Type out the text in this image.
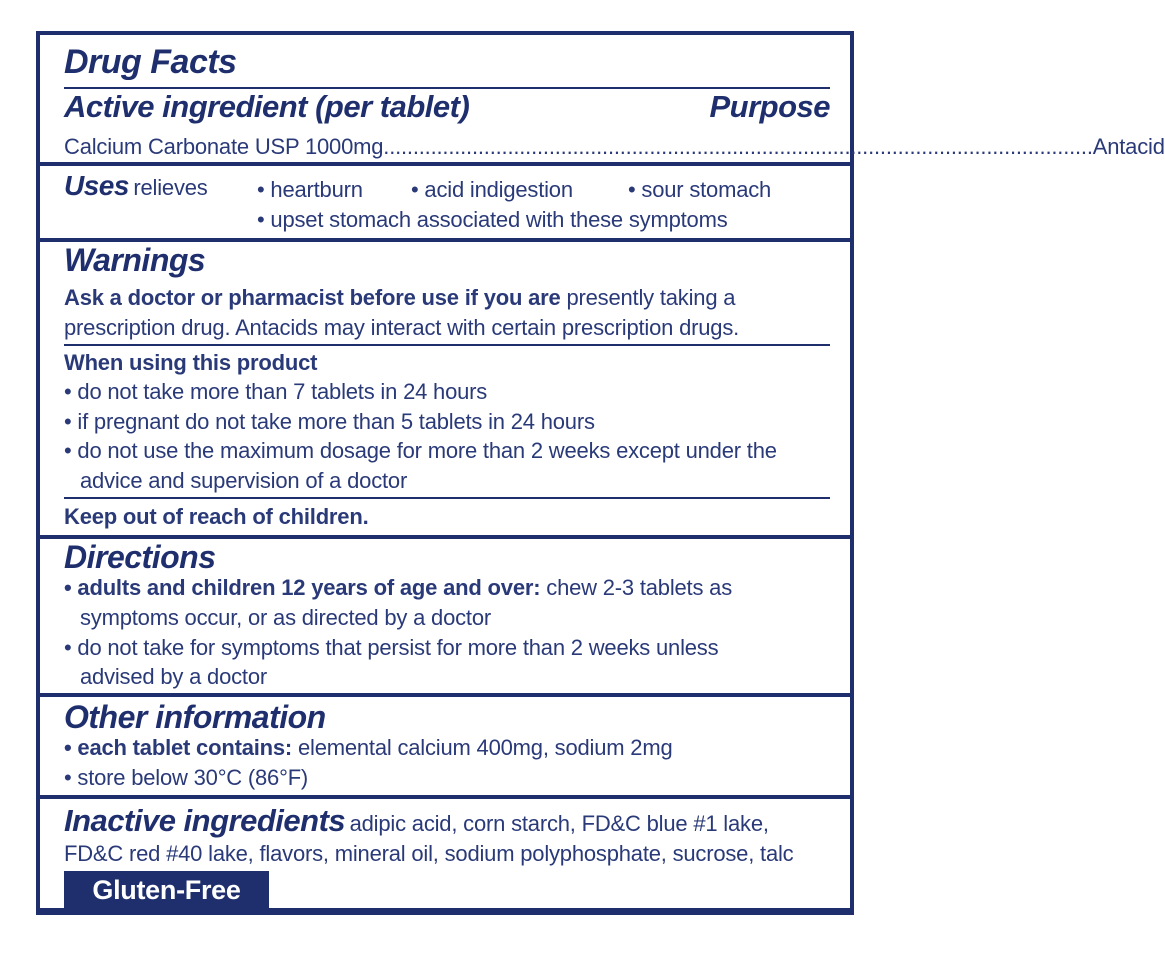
Drug Facts
Active ingredient (per tablet)	Purpose
Calcium Carbonate USP 1000mg ........................................................................................................................ Antacid
Uses relieves • heartburn • acid indigestion	• sour stomach
• upset stomach associated with these symptoms
Warnings
Ask a doctor or pharmacist before use if you are presently taking a
prescription drug. Antacids may interact with certain prescription drugs.
When using this product
• do not take more than 7 tablets in 24 hours
• if pregnant do not take more than 5 tablets in 24 hours
• do not use the maximum dosage for more than 2 weeks except under the
advice and supervision of a doctor
Keep out of reach of children.
Directions
• adults and children 12 years of age and over: chew 2-3 tablets as
symptoms occur, or as directed by a doctor
• do not take for symptoms that persist for more than 2 weeks unless
advised by a doctor
Other information
• each tablet contains: elemental calcium 400mg, sodium 2mg
• store below 30°C (86°F)
Inactive ingredients adipic acid, corn starch, FD&C blue #1 lake,
FD&C red #40 lake, flavors, mineral oil, sodium polyphosphate, sucrose, talc
Gluten-Free
